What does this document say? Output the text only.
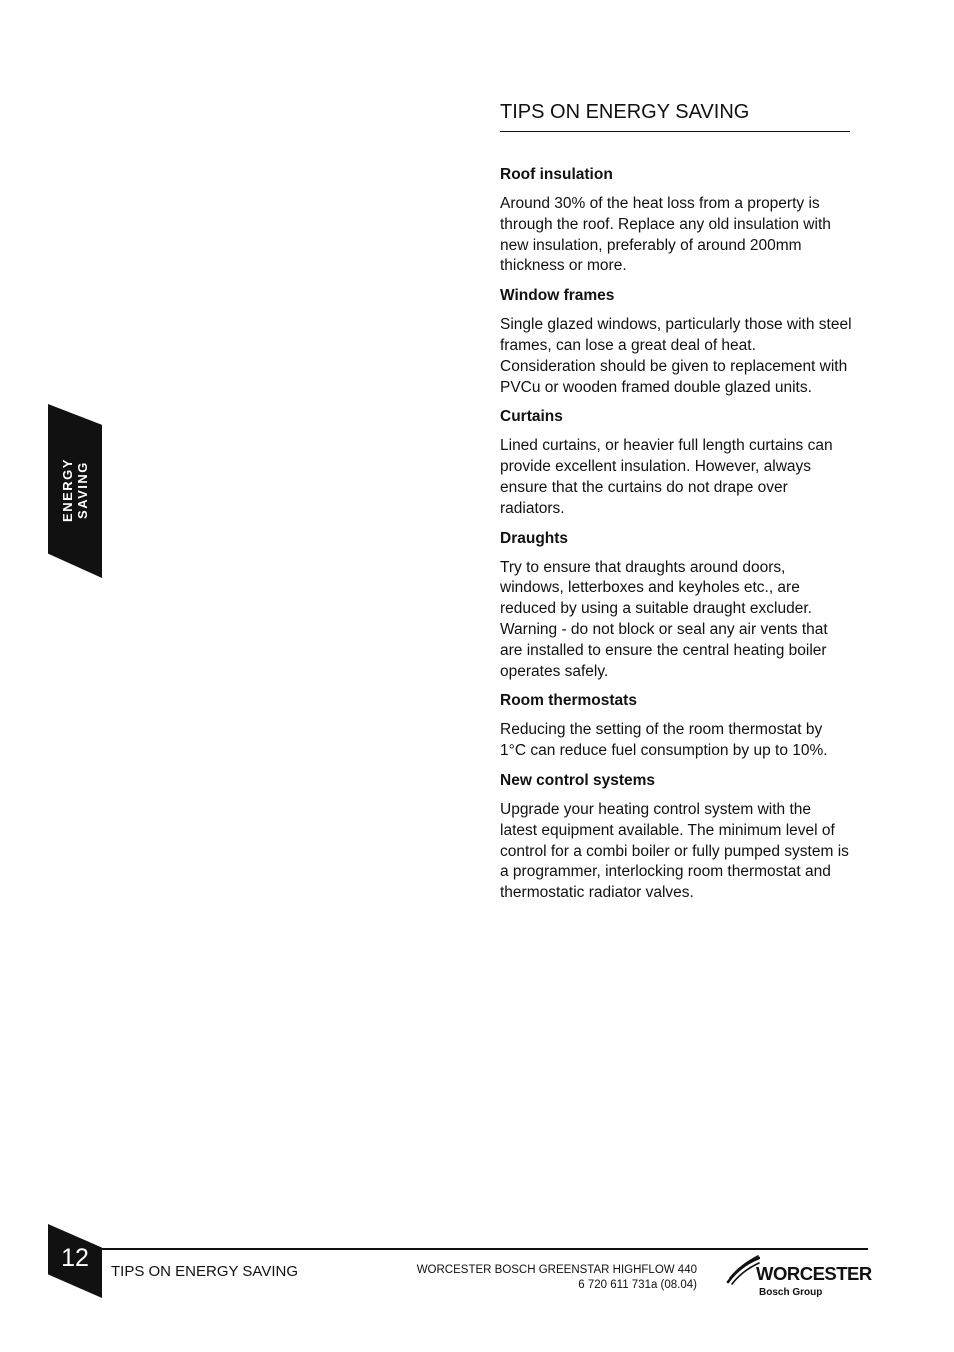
TIPS ON ENERGY SAVING
ENERGY SAVING
Roof insulation

Around 30% of the heat loss from a property is through the roof. Replace any old insulation with new insulation, preferably of around 200mm thickness or more.

Window frames

Single glazed windows, particularly those with steel frames, can lose a great deal of heat. Consideration should be given to replacement with PVCu or wooden framed double glazed units.

Curtains

Lined curtains, or heavier full length curtains can provide excellent insulation. However, always ensure that the curtains do not drape over radiators.

Draughts

Try to ensure that draughts around doors, windows, letterboxes and keyholes etc., are reduced by using a suitable draught excluder. Warning - do not block or seal any air vents that are installed to ensure the central heating boiler operates safely.

Room thermostats

Reducing the setting of the room thermostat by 1°C can reduce fuel consumption by up to 10%.

New control systems

Upgrade your heating control system with the latest equipment available. The minimum level of control for a combi boiler or fully pumped system is a programmer, interlocking room thermostat and thermostatic radiator valves.

12	TIPS ON ENERGY SAVING	WORCESTER BOSCH GREENSTAR HIGHFLOW 440
6 720 611 731a (08.04)
WORCESTER
Bosch Group
